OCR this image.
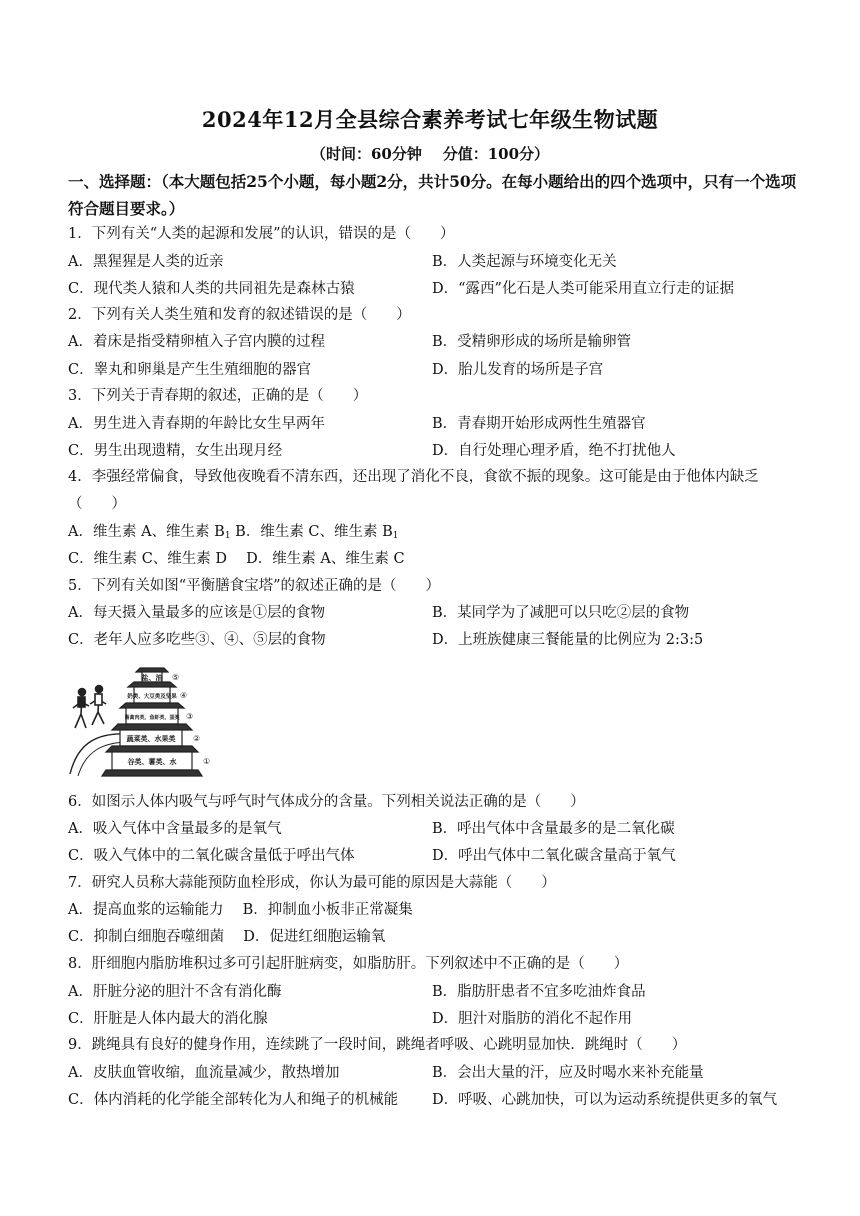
2024年12月全县综合素养考试七年级生物试题
（时间：60分钟    分值：100分）
一、选择题：（本大题包括25个小题，每小题2分，共计50分。在每小题给出的四个选项中，只有一个选项符合题目要求。）
1．下列有关“人类的起源和发展”的认识，错误的是（　　）
A．黑猩猩是人类的近亲	B．人类起源与环境变化无关
C．现代类人猿和人类的共同祖先是森林古猿	D．“露西”化石是人类可能采用直立行走的证据
2．下列有关人类生殖和发育的叙述错误的是（　　）
A．着床是指受精卵植入子宫内膜的过程	B．受精卵形成的场所是输卵管
C．睾丸和卵巢是产生生殖细胞的器官	D．胎儿发育的场所是子宫
3．下列关于青春期的叙述，正确的是（　　）
A．男生进入青春期的年龄比女生早两年	B．青春期开始形成两性生殖器官
C．男生出现遗精，女生出现月经	D．自行处理心理矛盾，绝不打扰他人
4．李强经常偏食，导致他夜晚看不清东西，还出现了消化不良，食欲不振的现象。这可能是由于他体内缺乏（　　）
A．维生素 A、维生素 $B_1$ B．维生素 C、维生素 $B_1$
C．维生素 C、维生素 D　 D．维生素 A、维生素 C
5．下列有关如图“平衡膳食宝塔”的叙述正确的是（　　）
A．每天摄入量最多的应该是①层的食物	B．某同学为了减肥可以只吃②层的食物
C．老年人应多吃些③、④、⑤层的食物	D．上班族健康三餐能量的比例应为 2:3:5
盐、油
奶类、大豆类及坚果
畜禽肉类、鱼虾类、蛋类
蔬菜类、水果类
谷类、薯类、水
⑤
④
③
②
①
6．如图示人体内吸气与呼气时气体成分的含量。下列相关说法正确的是（　　）
A．吸入气体中含量最多的是氧气	B．呼出气体中含量最多的是二氧化碳
C．吸入气体中的二氧化碳含量低于呼出气体	D．呼出气体中二氧化碳含量高于氧气
7．研究人员称大蒜能预防血栓形成，你认为最可能的原因是大蒜能（　　）
A．提高血浆的运输能力　 B．抑制血小板非正常凝集
C．抑制白细胞吞噬细菌　 D．促进红细胞运输氧
8．肝细胞内脂肪堆积过多可引起肝脏病变，如脂肪肝。下列叙述中不正确的是（　　）
A．肝脏分泌的胆汁不含有消化酶	B．脂肪肝患者不宜多吃油炸食品
C．肝脏是人体内最大的消化腺	D．胆汁对脂肪的消化不起作用
9．跳绳具有良好的健身作用，连续跳了一段时间，跳绳者呼吸、心跳明显加快．跳绳时（　　）
A．皮肤血管收缩，血流量减少，散热增加	B．会出大量的汗，应及时喝水来补充能量
C．体内消耗的化学能全部转化为人和绳子的机械能 D．呼吸、心跳加快，可以为运动系统提供更多的氧气
